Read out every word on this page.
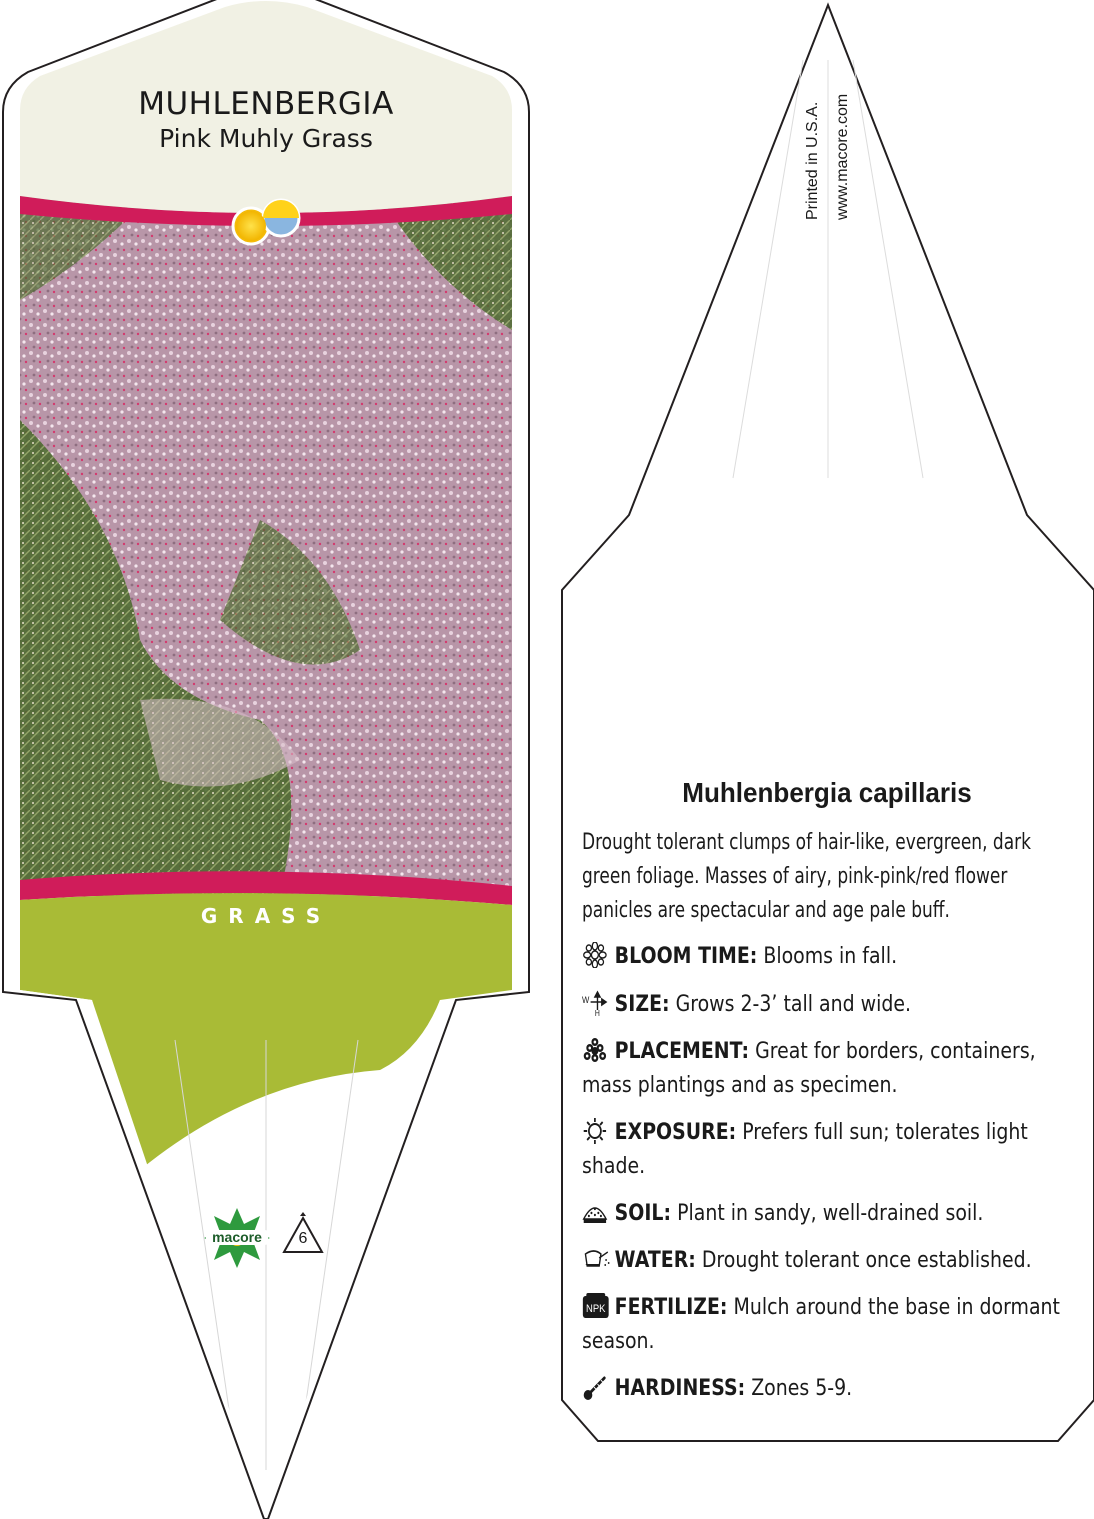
MUHLENBERGIA
Pink Muhly Grass
GRASS
macore	6
Printed in U.S.A. www.macore.com
Muhlenbergia capillaris
Drought tolerant clumps of hair-like, evergreen, dark green foliage. Masses of airy, pink-pink/red flower panicles are spectacular and age pale buff.
BLOOM TIME: Blooms in fall.
W
H SIZE: Grows 2-3’ tall and wide.
PLACEMENT: Great for borders, containers, mass plantings and as specimen.
EXPOSURE: Prefers full sun; tolerates light shade.
SOIL: Plant in sandy, well-drained soil.
WATER: Drought tolerant once established.
NPK FERTILIZE: Mulch around the base in dormant season.
HARDINESS: Zones 5-9.
